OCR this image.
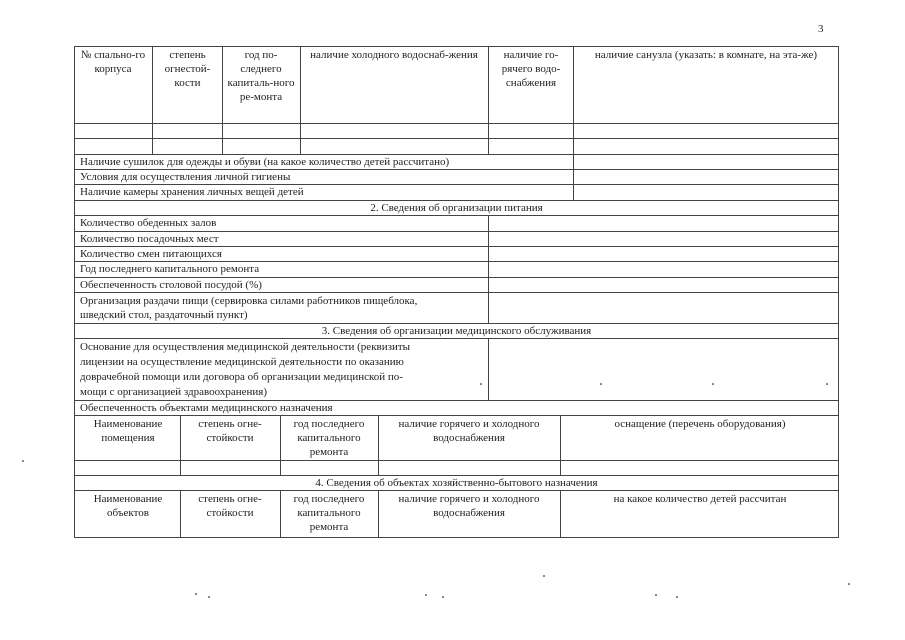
3
№ спально-го корпуса
степень огнестой-кости
год по-следнего капиталь-ного ре-монта
наличие холодного водоснаб-жения	наличие го-рячего водо-снабжения
наличие санузла (указать: в комнате, на эта-же)
Наличие сушилок для одежды и обуви (на какое количество детей рассчитано)
Условия для осуществления личной гигиены
Наличие камеры хранения личных вещей детей
2. Сведения об организации питания
Количество обеденных залов
Количество посадочных мест
Количество смен питающихся
Год последнего капитального ремонта
Обеспеченность столовой посудой (%)
Организация раздачи пищи (сервировка силами работников пищеблока,
шведский стол, раздаточный пункт)
3. Сведения об организации медицинского обслуживания
Основание для осуществления медицинской деятельности (реквизиты
лицензии на осуществление медицинской деятельности по оказанию
доврачебной помощи или договора об организации медицинской по-
мощи с организацией здравоохранения)
Обеспеченность объектами медицинского назначения
Наименование помещения
степень огне-стойкости
год последнего капитального ремонта
наличие горячего и холодного водоснабжения
оснащение (перечень оборудования)
4. Сведения об объектах хозяйственно-бытового назначения
Наименование объектов
степень огне-стойкости
год последнего капитального ремонта
наличие горячего и холодного водоснабжения
на какое количество детей рассчитан
